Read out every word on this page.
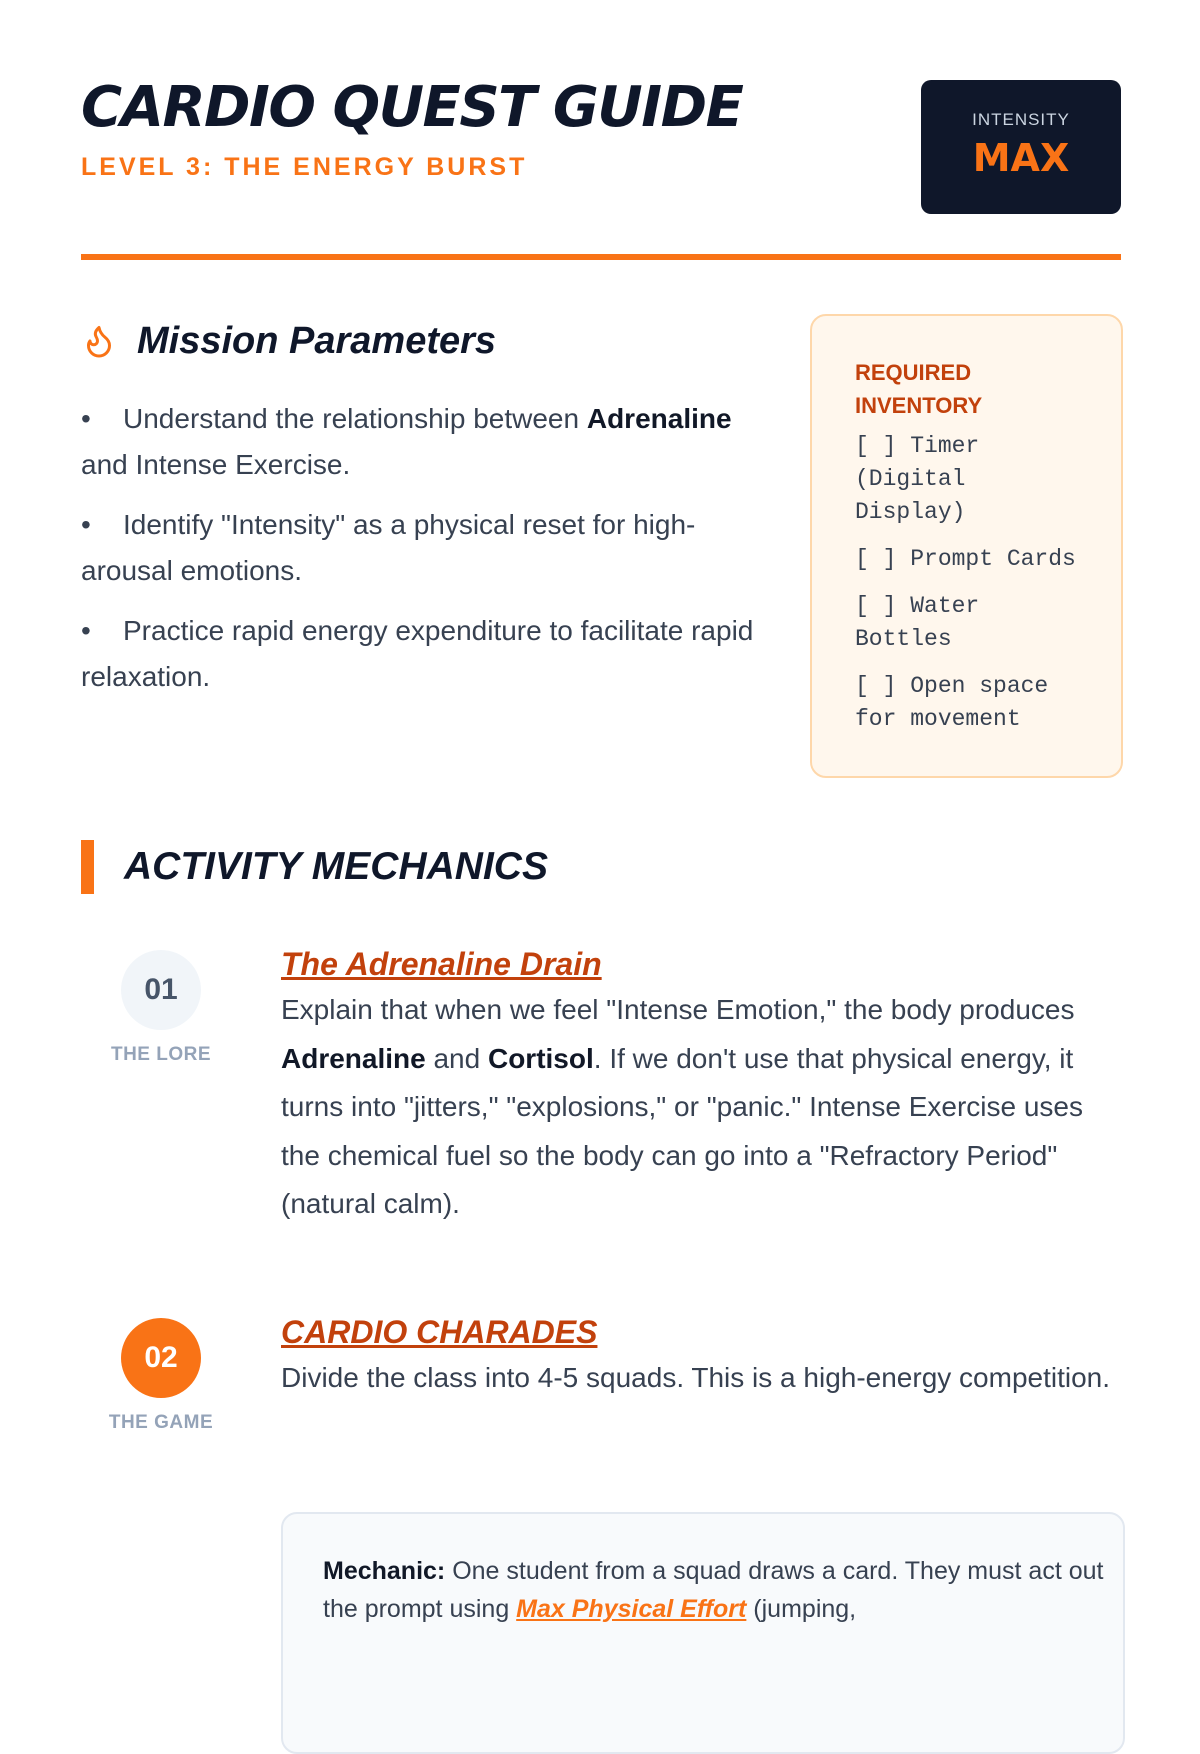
CARDIO QUEST GUIDE
LEVEL 3: THE ENERGY BURST
INTENSITY
MAX
Mission Parameters
• Understand the relationship between Adrenaline and Intense Exercise.
• Identify "Intensity" as a physical reset for high-arousal emotions.
• Practice rapid energy expenditure to facilitate rapid relaxation.
REQUIRED INVENTORY
[ ] Timer (Digital Display)
[ ] Prompt Cards
[ ] Water Bottles
[ ] Open space for movement
ACTIVITY MECHANICS
01
THE LORE
The Adrenaline Drain

Explain that when we feel "Intense Emotion," the body produces Adrenaline and Cortisol. If we don't use that physical energy, it turns into "jitters," "explosions," or "panic." Intense Exercise uses the chemical fuel so the body can go into a "Refractory Period" (natural calm).

02
THE GAME
CARDIO CHARADES

Divide the class into 4-5 squads. This is a high-energy competition.

Mechanic: One student from a squad draws a card. They must act out the prompt using Max Physical Effort (jumping,
